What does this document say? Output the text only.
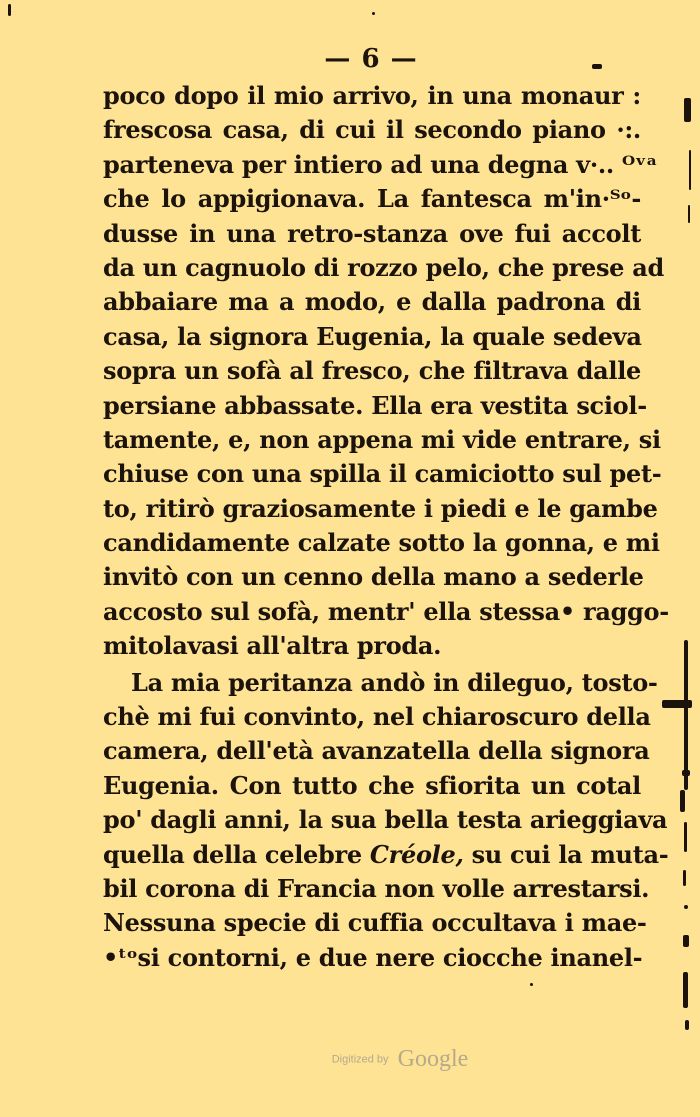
— 6 —
poco dopo il mio arrivo, in una monaur :
frescosa casa, di cui il secondo piano ·:.
parteneva per intiero ad una degna v·.. ᴼᵛᵃ
che lo appigionava. La fantesca m'in·ᵀᵒ-
dusse in una retro-stanza ove fui accolt
da un cagnuolo di rozzo pelo, che prese ad
abbaiare ma a modo, e dalla padrona di
casa, la signora Eugenia, la quale sedeva
sopra un sofà al fresco, che filtrava dalle
persiane abbassate. Ella era vestita sciol-
tamente, e, non appena mi vide entrare, si
chiuse con una spilla il camiciotto sul pet-
to, ritirò graziosamente i piedi e le gambe
candidamente calzate sotto la gonna, e mi
invitò con un cenno della mano a sederle
accosto sul sofà, mentr' ella stessa• raggo-
mitolavasi all'altra proda.
La mia peritanza andò in dileguo, tosto-
chè mi fui convinto, nel chiaroscuro della
camera, dell'età avanzatella della signora
Eugenia. Con tutto che sfiorita un cotal
po' dagli anni, la sua bella testa arieggiava
quella della celebre Créole, su cui la muta-
bil corona di Francia non volle arrestarsi.
Nessuna specie di cuffia occultava i mae-
•ᵗᵒsi contorni, e due nere ciocche inanel-
Digitized by Google
